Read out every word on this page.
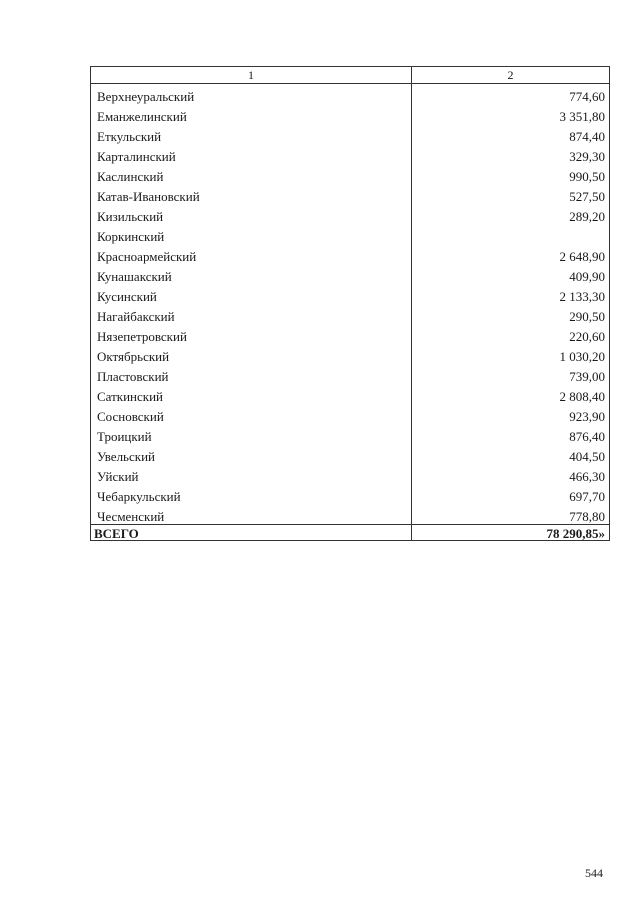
1	2
Верхнеуральский	774,60
Еманжелинский	3 351,80
Еткульский	874,40
Карталинский	329,30
Каслинский	990,50
Катав-Ивановский	527,50
Кизильский	289,20
Коркинский	
Красноармейский	2 648,90
Кунашакский	409,90
Кусинский	2 133,30
Нагайбакский	290,50
Нязепетровский	220,60
Октябрьский	1 030,20
Пластовский	739,00
Саткинский	2 808,40
Сосновский	923,90
Троицкий	876,40
Увельский	404,50
Уйский	466,30
Чебаркульский	697,70
Чесменский	778,80
ВСЕГО	78 290,85»
544
